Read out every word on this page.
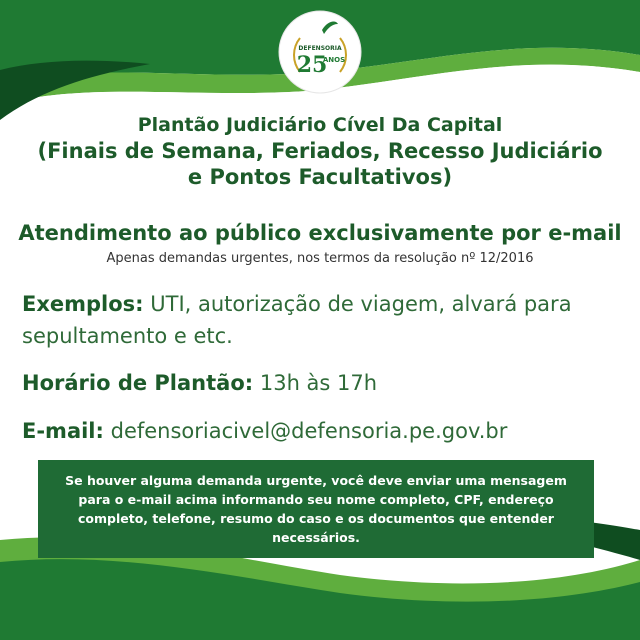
DEFENSORIA
25
ANOS
Plantão Judiciário Cível Da Capital
(Finais de Semana, Feriados, Recesso Judiciário
e Pontos Facultativos)
Atendimento ao público exclusivamente por e-mail
Apenas demandas urgentes, nos termos da resolução nº 12/2016
Exemplos: UTI, autorização de viagem, alvará para sepultamento e etc.
Horário de Plantão: 13h às 17h
E-mail: defensoriacivel@defensoria.pe.gov.br
Se houver alguma demanda urgente, você deve enviar uma mensagem para o e-mail acima informando seu nome completo, CPF, endereço completo, telefone, resumo do caso e os documentos que entender necessários.
